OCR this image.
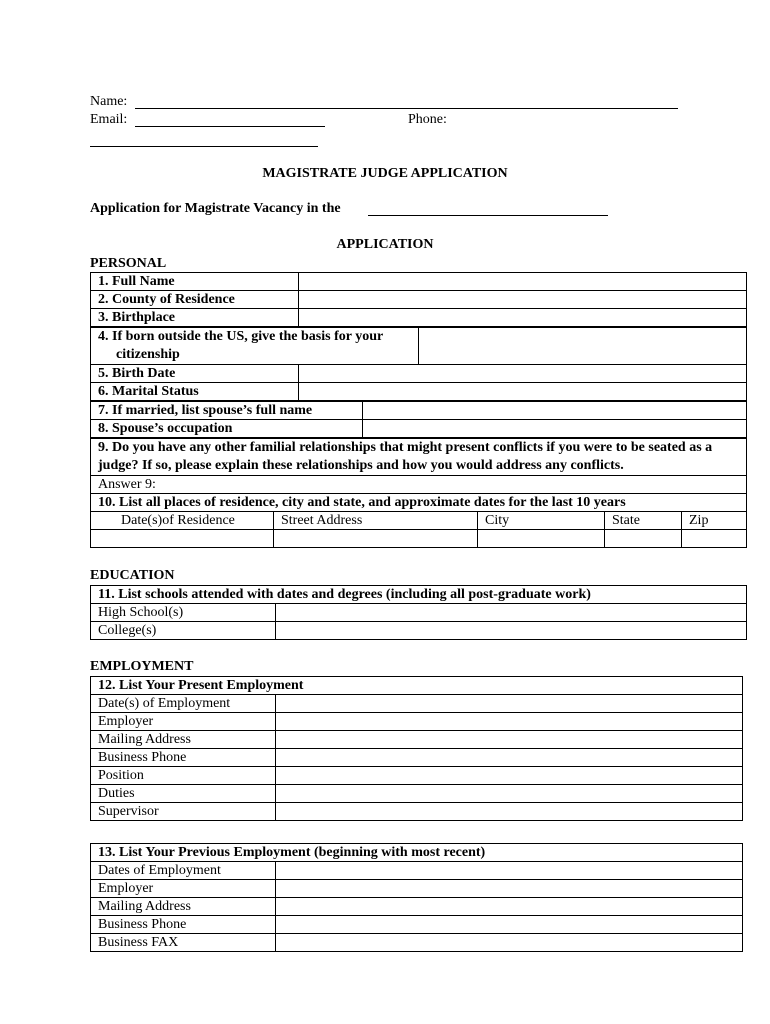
Name:
Email:	Phone:
MAGISTRATE JUDGE APPLICATION
Application for Magistrate Vacancy in the
APPLICATION
PERSONAL
1. Full Name	
2. County of Residence	
3. Birthplace	
4. If born outside the US, give the basis for your
citizenship

5. Birth Date	
6. Marital Status	
7. If married, list spouse’s full name	
8. Spouse’s occupation	
9. Do you have any other familial relationships that might present conflicts if you were to be seated as a judge? If so, please explain these relationships and how you would address any conflicts.
Answer 9:
10. List all places of residence, city and state, and approximate dates for the last 10 years
Date(s)of Residence	Street Address	City	State	Zip

EDUCATION
11. List schools attended with dates and degrees (including all post-graduate work)	
High School(s)	
College(s)	
EMPLOYMENT
12. List Your Present Employment	
Date(s) of Employment	
Employer	
Mailing Address	
Business Phone	
Position	
Duties	
Supervisor	
13. List Your Previous Employment (beginning with most recent)	
Dates of Employment	
Employer	
Mailing Address	
Business Phone	
Business FAX	
